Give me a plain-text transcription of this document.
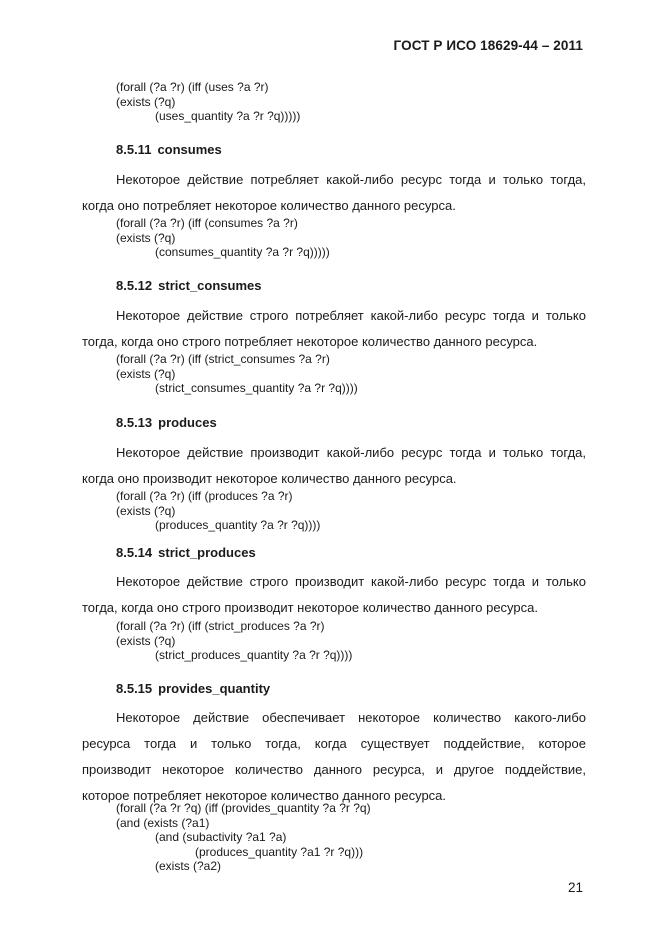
ГОСТ Р ИСО 18629-44 – 2011
(forall (?a ?r) (iff (uses ?a ?r)
(exists (?q)
(uses_quantity ?a ?r ?q)))))
8.5.11 consumes
Некоторое действие потребляет какой-либо ресурс тогда и только тогда,
когда оно потребляет некоторое количество данного ресурса.
(forall (?a ?r) (iff (consumes ?a ?r)
(exists (?q)
(consumes_quantity ?a ?r ?q)))))
8.5.12 strict_consumes
Некоторое действие строго потребляет какой-либо ресурс тогда и только
тогда, когда оно строго потребляет некоторое количество данного ресурса.
(forall (?a ?r) (iff (strict_consumes ?a ?r)
(exists (?q)
(strict_consumes_quantity ?a ?r ?q))))
8.5.13 produces
Некоторое действие производит какой-либо ресурс тогда и только тогда,
когда оно производит некоторое количество данного ресурса.
(forall (?a ?r) (iff (produces ?a ?r)
(exists (?q)
(produces_quantity ?a ?r ?q))))
8.5.14 strict_produces
Некоторое действие строго производит какой-либо ресурс тогда и только
тогда, когда оно строго производит некоторое количество данного ресурса.
(forall (?a ?r) (iff (strict_produces ?a ?r)
(exists (?q)
(strict_produces_quantity ?a ?r ?q))))
8.5.15 provides_quantity
Некоторое действие обеспечивает некоторое количество какого-либо
ресурса тогда и только тогда, когда существует поддействие, которое
производит некоторое количество данного ресурса, и другое поддействие,
которое потребляет некоторое количество данного ресурса.
(forall (?a ?r ?q) (iff (provides_quantity ?a ?r ?q)
(and (exists (?a1)
(and (subactivity ?a1 ?a)
(produces_quantity ?a1 ?r ?q)))
(exists (?a2)
21
